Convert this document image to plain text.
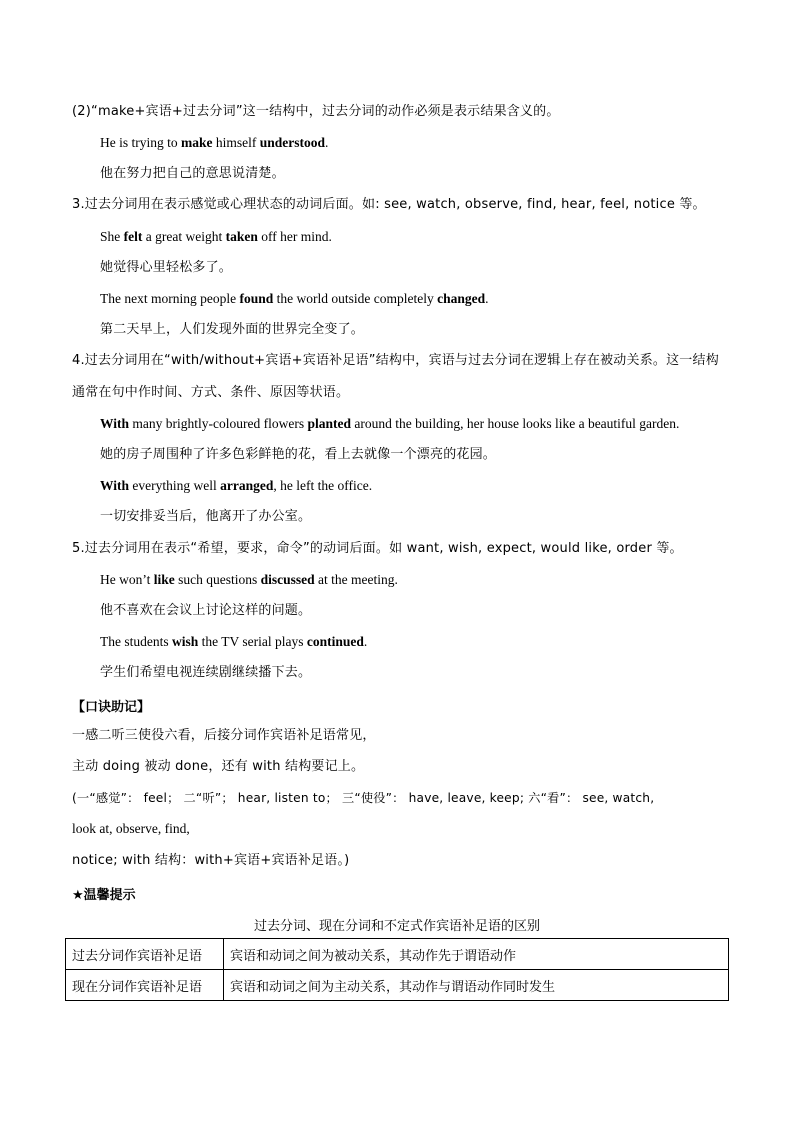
(2)“make+宾语+过去分词”这一结构中，过去分词的动作必须是表示结果含义的。
He is trying to make himself understood.
他在努力把自己的意思说清楚。
3.过去分词用在表示感觉或心理状态的动词后面。如: see, watch, observe, find, hear, feel, notice 等。
She felt a great weight taken off her mind.
她觉得心里轻松多了。
The next morning people found the world outside completely changed.
第二天早上，人们发现外面的世界完全变了。
4.过去分词用在“with/without+宾语+宾语补足语”结构中，宾语与过去分词在逻辑上存在被动关系。这一结构
通常在句中作时间、方式、条件、原因等状语。
With many brightly-coloured flowers planted around the building, her house looks like a beautiful garden.
她的房子周围种了许多色彩鲜艳的花，看上去就像一个漂亮的花园。
With everything well arranged, he left the office.
一切安排妥当后，他离开了办公室。
5.过去分词用在表示“希望，要求，命令”的动词后面。如 want, wish, expect, would like, order 等。
He won’t like such questions discussed at the meeting.
他不喜欢在会议上讨论这样的问题。
The students wish the TV serial plays continued.
学生们希望电视连续剧继续播下去。
【口诀助记】
一感二听三使役六看，后接分词作宾语补足语常见，
主动 doing 被动 done，还有 with 结构要记上。
(一“感觉”： feel； 二“听”； hear, listen to； 三“使役”： have, leave, keep; 六“看”： see, watch,
look at, observe, find,
notice; with 结构：with+宾语+宾语补足语。)
★温馨提示
过去分词、现在分词和不定式作宾语补足语的区别
过去分词作宾语补足语	宾语和动词之间为被动关系，其动作先于谓语动作
现在分词作宾语补足语	宾语和动词之间为主动关系，其动作与谓语动作同时发生
